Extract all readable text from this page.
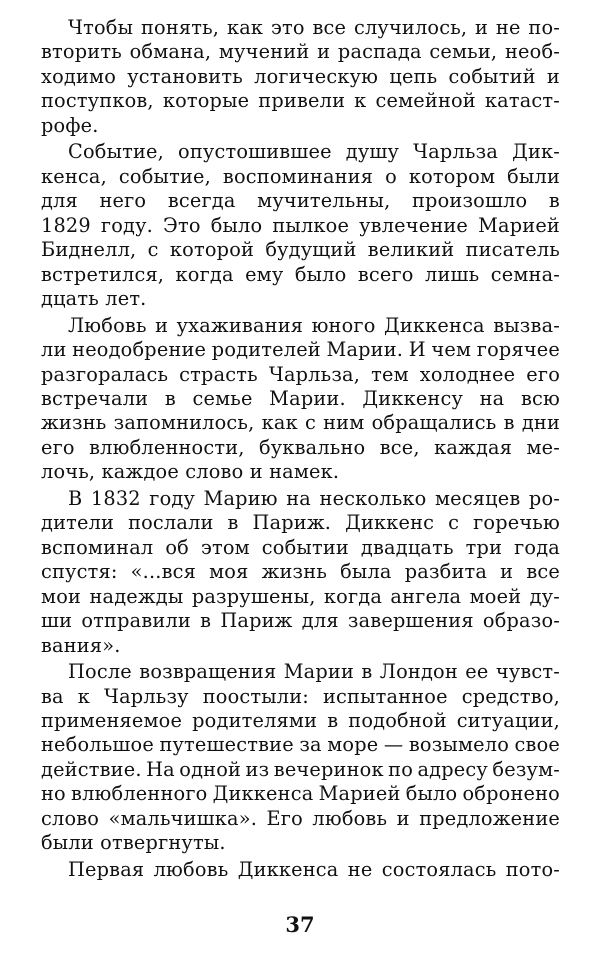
Чтобы понять, как это все случилось, и не по-
вторить обмана, мучений и распада семьи, необ-
ходимо установить логическую цепь событий и
поступков, которые привели к семейной катаст-
рофе.

Событие, опустошившее душу Чарльза Дик-
кенса, событие, воспоминания о котором были
для него всегда мучительны, произошло в
1829 году. Это было пылкое увлечение Марией
Биднелл, с которой будущий великий писатель
встретился, когда ему было всего лишь семна-
дцать лет.

Любовь и ухаживания юного Диккенса вызва-
ли неодобрение родителей Марии. И чем горячее
разгоралась страсть Чарльза, тем холоднее его
встречали в семье Марии. Диккенсу на всю
жизнь запомнилось, как с ним обращались в дни
его влюбленности, буквально все, каждая ме-
лочь, каждое слово и намек.

В 1832 году Марию на несколько месяцев ро-
дители послали в Париж. Диккенс с горечью
вспоминал об этом событии двадцать три года
спустя: «...вся моя жизнь была разбита и все
мои надежды разрушены, когда ангела моей ду-
ши отправили в Париж для завершения образо-
вания».

После возвращения Марии в Лондон ее чувст-
ва к Чарльзу поостыли: испытанное средство,
применяемое родителями в подобной ситуации,
небольшое путешествие за море — возымело свое
действие. На одной из вечеринок по адресу безум-
но влюбленного Диккенса Марией было обронено
слово «мальчишка». Его любовь и предложение
были отвергнуты.

Первая любовь Диккенса не состоялась пото-

37
